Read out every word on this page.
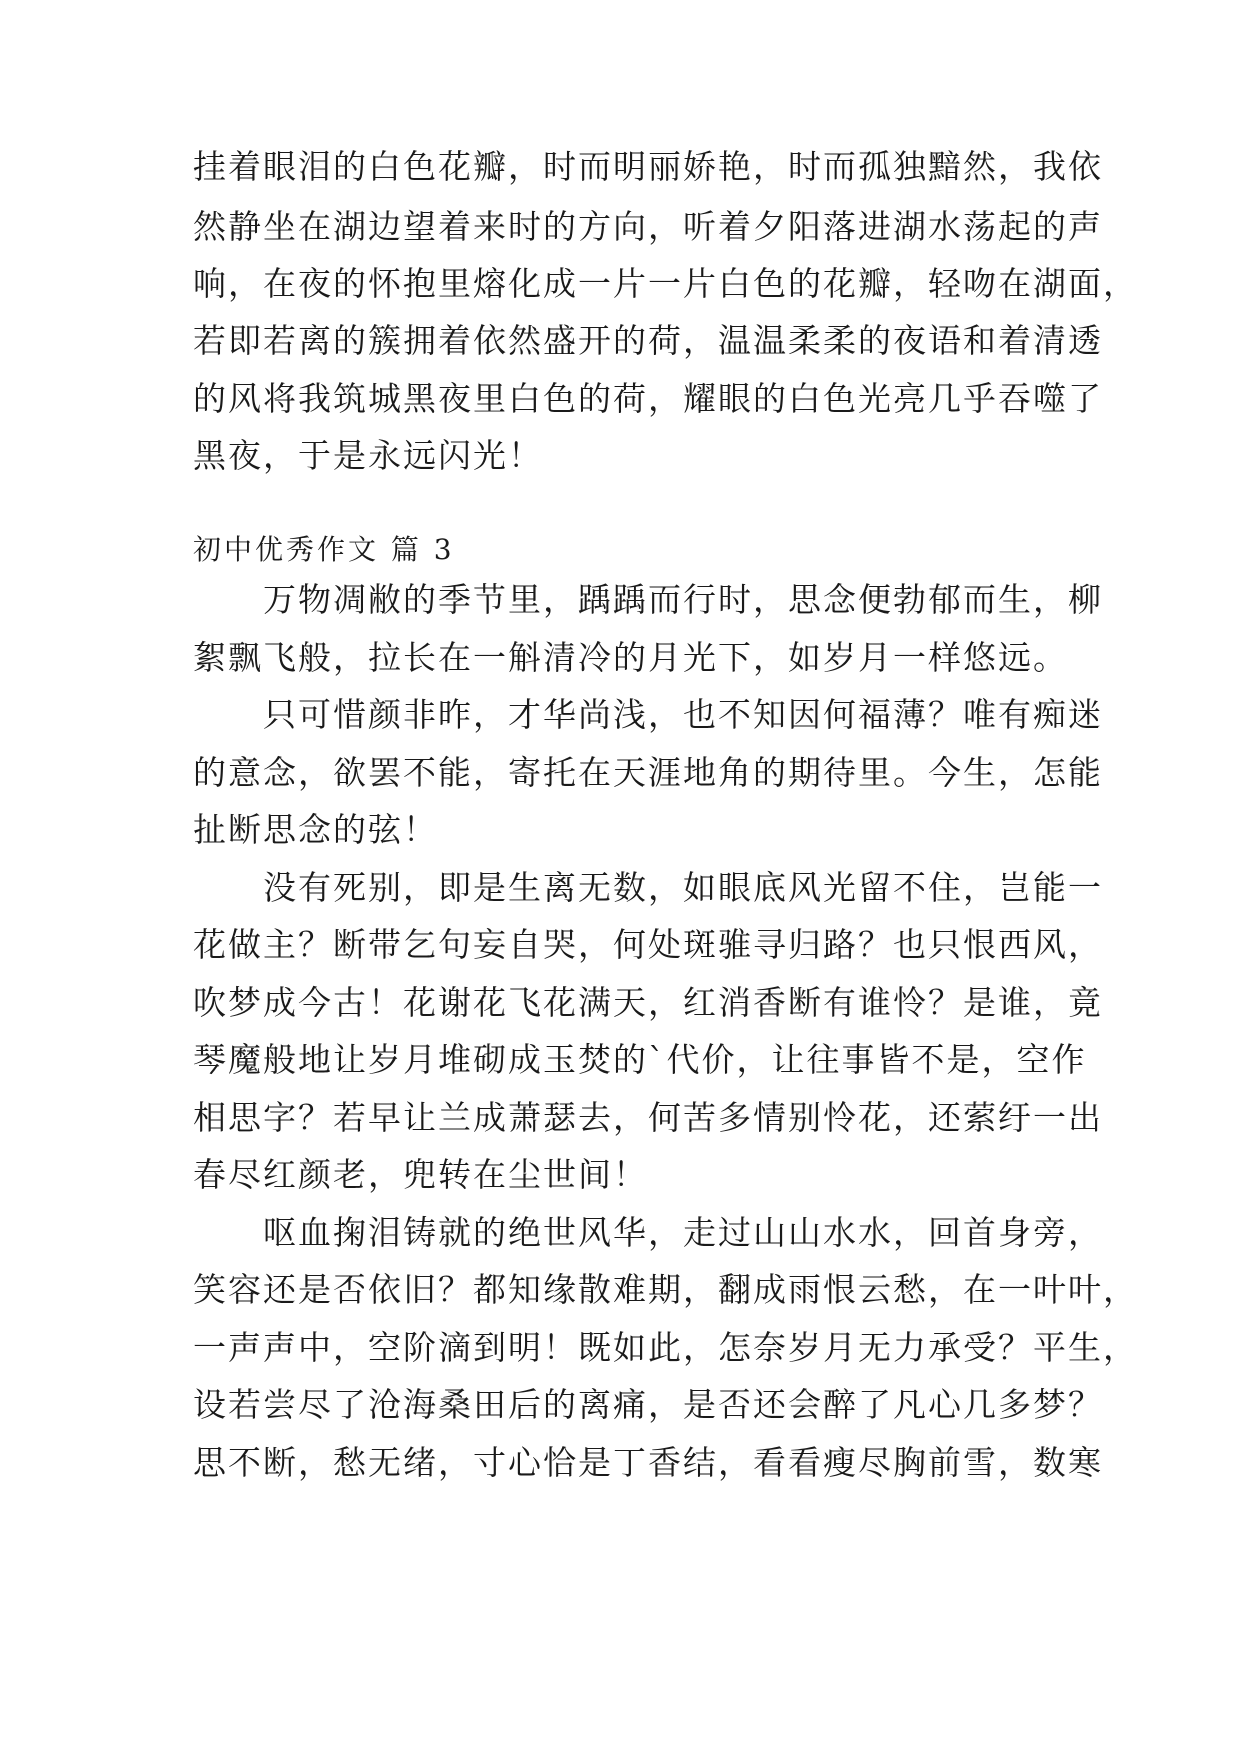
挂着眼泪的白色花瓣，时而明丽娇艳，时而孤独黯然，我依
然静坐在湖边望着来时的方向，听着夕阳落进湖水荡起的声
响，在夜的怀抱里熔化成一片一片白色的花瓣，轻吻在湖面，
若即若离的簇拥着依然盛开的荷，温温柔柔的夜语和着清透
的风将我筑城黑夜里白色的荷，耀眼的白色光亮几乎吞噬了
黑夜，于是永远闪光！
初中优秀作文 篇 3
　　万物凋敝的季节里，踽踽而行时，思念便勃郁而生，柳
絮飘飞般，拉长在一斛清冷的月光下，如岁月一样悠远。
　　只可惜颜非昨，才华尚浅，也不知因何福薄？唯有痴迷
的意念，欲罢不能，寄托在天涯地角的期待里。今生，怎能
扯断思念的弦！
　　没有死别，即是生离无数，如眼底风光留不住，岂能一
花做主？断带乞句妄自哭，何处斑骓寻归路？也只恨西风，
吹梦成今古！花谢花飞花满天，红消香断有谁怜？是谁，竟
琴魔般地让岁月堆砌成玉焚的`代价，让往事皆不是，空作
相思字？若早让兰成萧瑟去，何苦多情别怜花，还萦纡一出
春尽红颜老，兜转在尘世间！
　　呕血掬泪铸就的绝世风华，走过山山水水，回首身旁，
笑容还是否依旧？都知缘散难期，翻成雨恨云愁，在一叶叶，
一声声中，空阶滴到明！既如此，怎奈岁月无力承受？平生，
设若尝尽了沧海桑田后的离痛，是否还会醉了凡心几多梦？
思不断，愁无绪，寸心恰是丁香结，看看瘦尽胸前雪，数寒
